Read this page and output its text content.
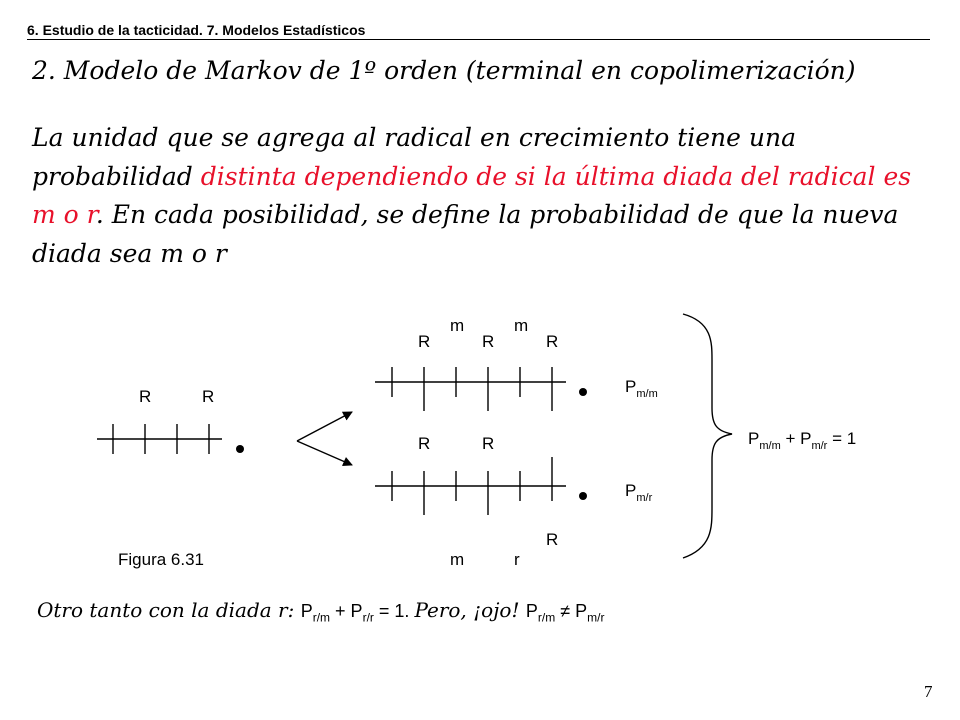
6. Estudio de la tacticidad. 7. Modelos Estadísticos
2. Modelo de Markov de 1º orden (terminal en copolimerización)
La unidad que se agrega al radical en crecimiento tiene una probabilidad distinta dependiendo de si la última diada del radical es m o r. En cada posibilidad, se define la probabilidad de que la nueva diada sea m o r
R	R
R	R	R
m	m
$P_{m/m}$
R	R
R
m	r
$P_{m/r}$
$P_{m/m} + P_{m/r} = 1$
Figura 6.31
Otro tanto con la diada r: $P_{r/m} + P_{r/r} = 1$. Pero, ¡ojo! $P_{r/m} \ne P_{m/r}$
7
